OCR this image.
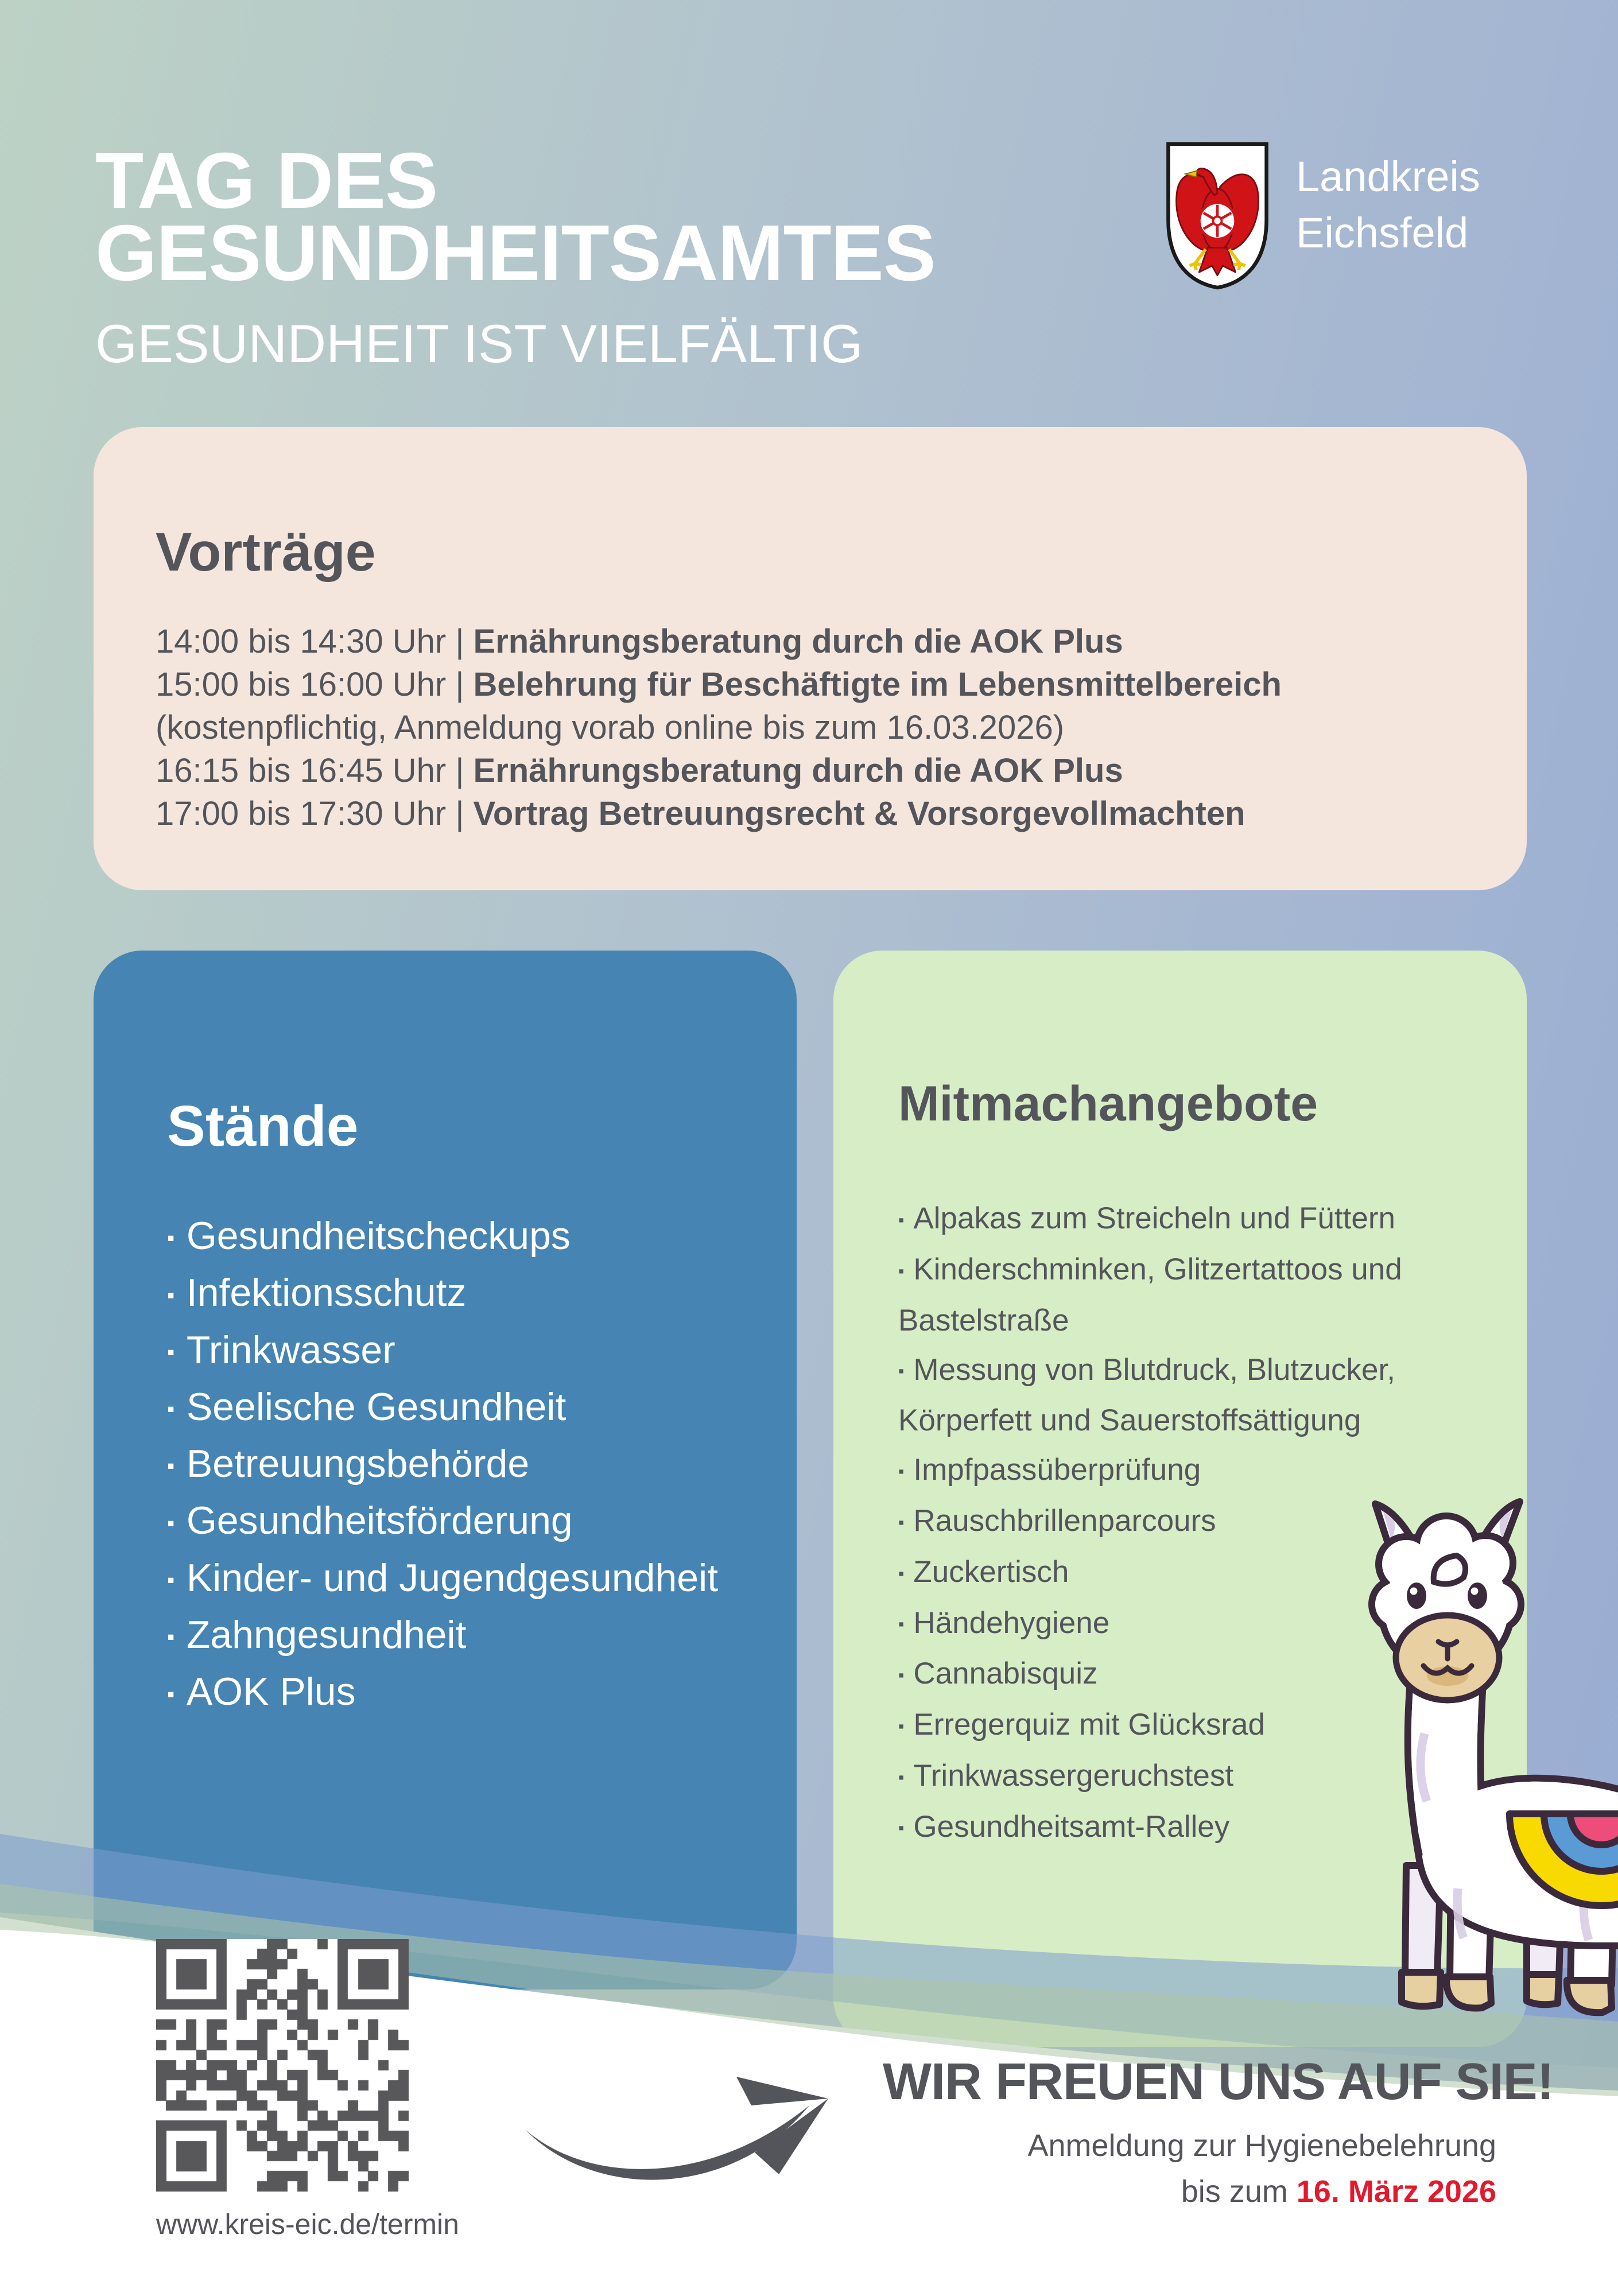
TAG DES
GESUNDHEITSAMTES
GESUNDHEIT IST VIELFÄLTIG
Landkreis
Eichsfeld
Vorträge
14:00 bis 14:30 Uhr | Ernährungsberatung durch die AOK Plus
15:00 bis 16:00 Uhr | Belehrung für Beschäftigte im Lebensmittelbereich
(kostenpflichtig, Anmeldung vorab online bis zum 16.03.2026)
16:15 bis 16:45 Uhr | Ernährungsberatung durch die AOK Plus
17:00 bis 17:30 Uhr | Vortrag Betreuungsrecht & Vorsorgevollmachten
Stände
▪ Gesundheitscheckups
▪ Infektionsschutz
▪ Trinkwasser
▪ Seelische Gesundheit
▪ Betreuungsbehörde
▪ Gesundheitsförderung
▪ Kinder- und Jugendgesundheit
▪ Zahngesundheit
▪ AOK Plus
Mitmachangebote
▪ Alpakas zum Streicheln und Füttern
▪ Kinderschminken, Glitzertattoos und Bastelstraße
▪ Messung von Blutdruck, Blutzucker, Körperfett und Sauerstoffsättigung
▪ Impfpassüberprüfung
▪ Rauschbrillenparcours
▪ Zuckertisch
▪ Händehygiene
▪ Cannabisquiz
▪ Erregerquiz mit Glücksrad
▪ Trinkwassergeruchstest
▪ Gesundheitsamt-Ralley
www.kreis-eic.de/termin
WIR FREUEN UNS AUF SIE!
Anmeldung zur Hygienebelehrung
bis zum 16. März 2026
